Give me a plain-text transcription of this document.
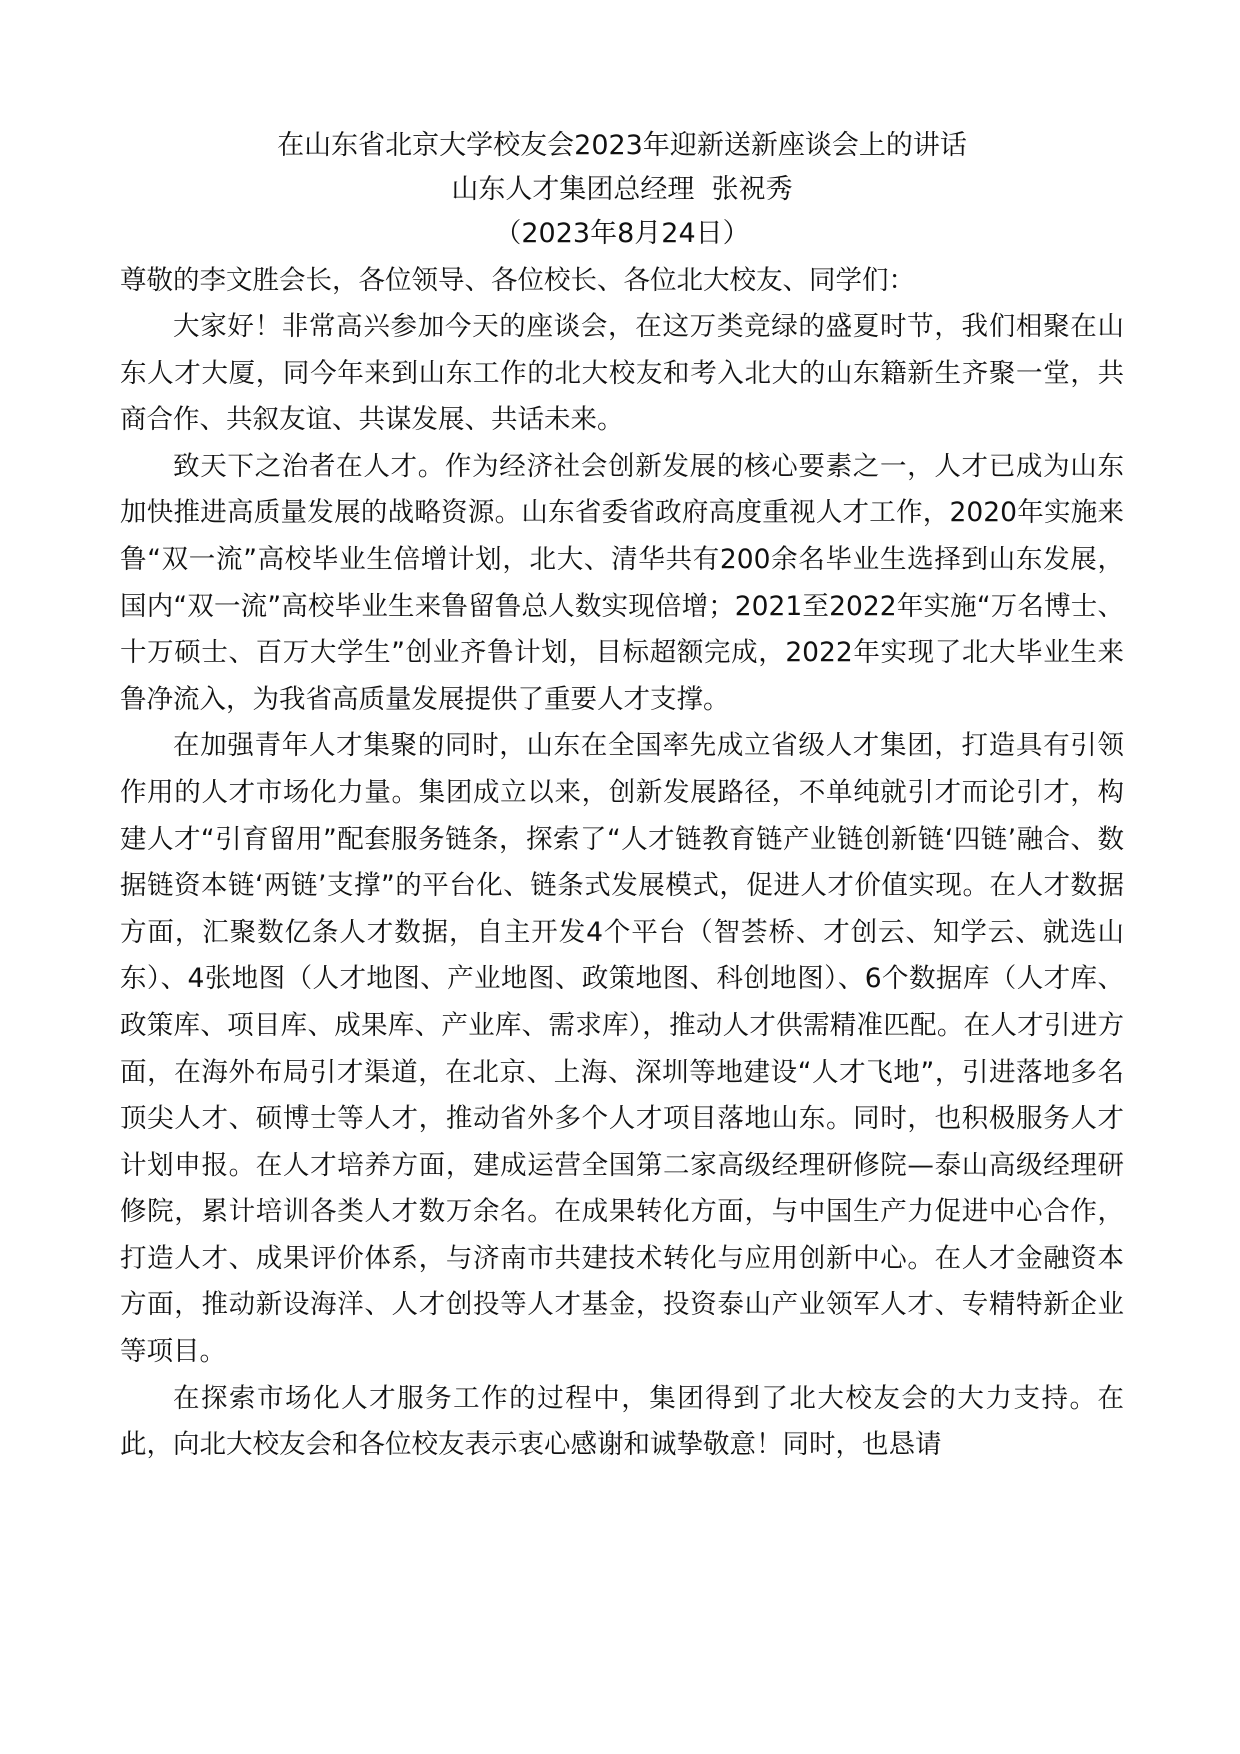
在山东省北京大学校友会2023年迎新送新座谈会上的讲话
山东人才集团总经理  张祝秀
（2023年8月24日）
尊敬的李文胜会长，各位领导、各位校长、各位北大校友、同学们：

大家好！非常高兴参加今天的座谈会，在这万类竞绿的盛夏时节，我们相聚在山东人才大厦，同今年来到山东工作的北大校友和考入北大的山东籍新生齐聚一堂，共商合作、共叙友谊、共谋发展、共话未来。

致天下之治者在人才。作为经济社会创新发展的核心要素之一，人才已成为山东加快推进高质量发展的战略资源。山东省委省政府高度重视人才工作，2020年实施来鲁“双一流”高校毕业生倍增计划，北大、清华共有200余名毕业生选择到山东发展，国内“双一流”高校毕业生来鲁留鲁总人数实现倍增；2021至2022年实施“万名博士、十万硕士、百万大学生”创业齐鲁计划，目标超额完成，2022年实现了北大毕业生来鲁净流入，为我省高质量发展提供了重要人才支撑。

在加强青年人才集聚的同时，山东在全国率先成立省级人才集团，打造具有引领作用的人才市场化力量。集团成立以来，创新发展路径，不单纯就引才而论引才，构建人才“引育留用”配套服务链条，探索了“人才链教育链产业链创新链‘四链’融合、数据链资本链‘两链’支撑”的平台化、链条式发展模式，促进人才价值实现。在人才数据方面，汇聚数亿条人才数据，自主开发4个平台（智荟桥、才创云、知学云、就选山东）、4张地图（人才地图、产业地图、政策地图、科创地图）、6个数据库（人才库、政策库、项目库、成果库、产业库、需求库），推动人才供需精准匹配。在人才引进方面，在海外布局引才渠道，在北京、上海、深圳等地建设“人才飞地”，引进落地多名顶尖人才、硕博士等人才，推动省外多个人才项目落地山东。同时，也积极服务人才计划申报。在人才培养方面，建成运营全国第二家高级经理研修院—泰山高级经理研修院，累计培训各类人才数万余名。在成果转化方面，与中国生产力促进中心合作，打造人才、成果评价体系，与济南市共建技术转化与应用创新中心。在人才金融资本方面，推动新设海洋、人才创投等人才基金，投资泰山产业领军人才、专精特新企业等项目。

在探索市场化人才服务工作的过程中，集团得到了北大校友会的大力支持。在此，向北大校友会和各位校友表示衷心感谢和诚挚敬意！同时，也恳请
